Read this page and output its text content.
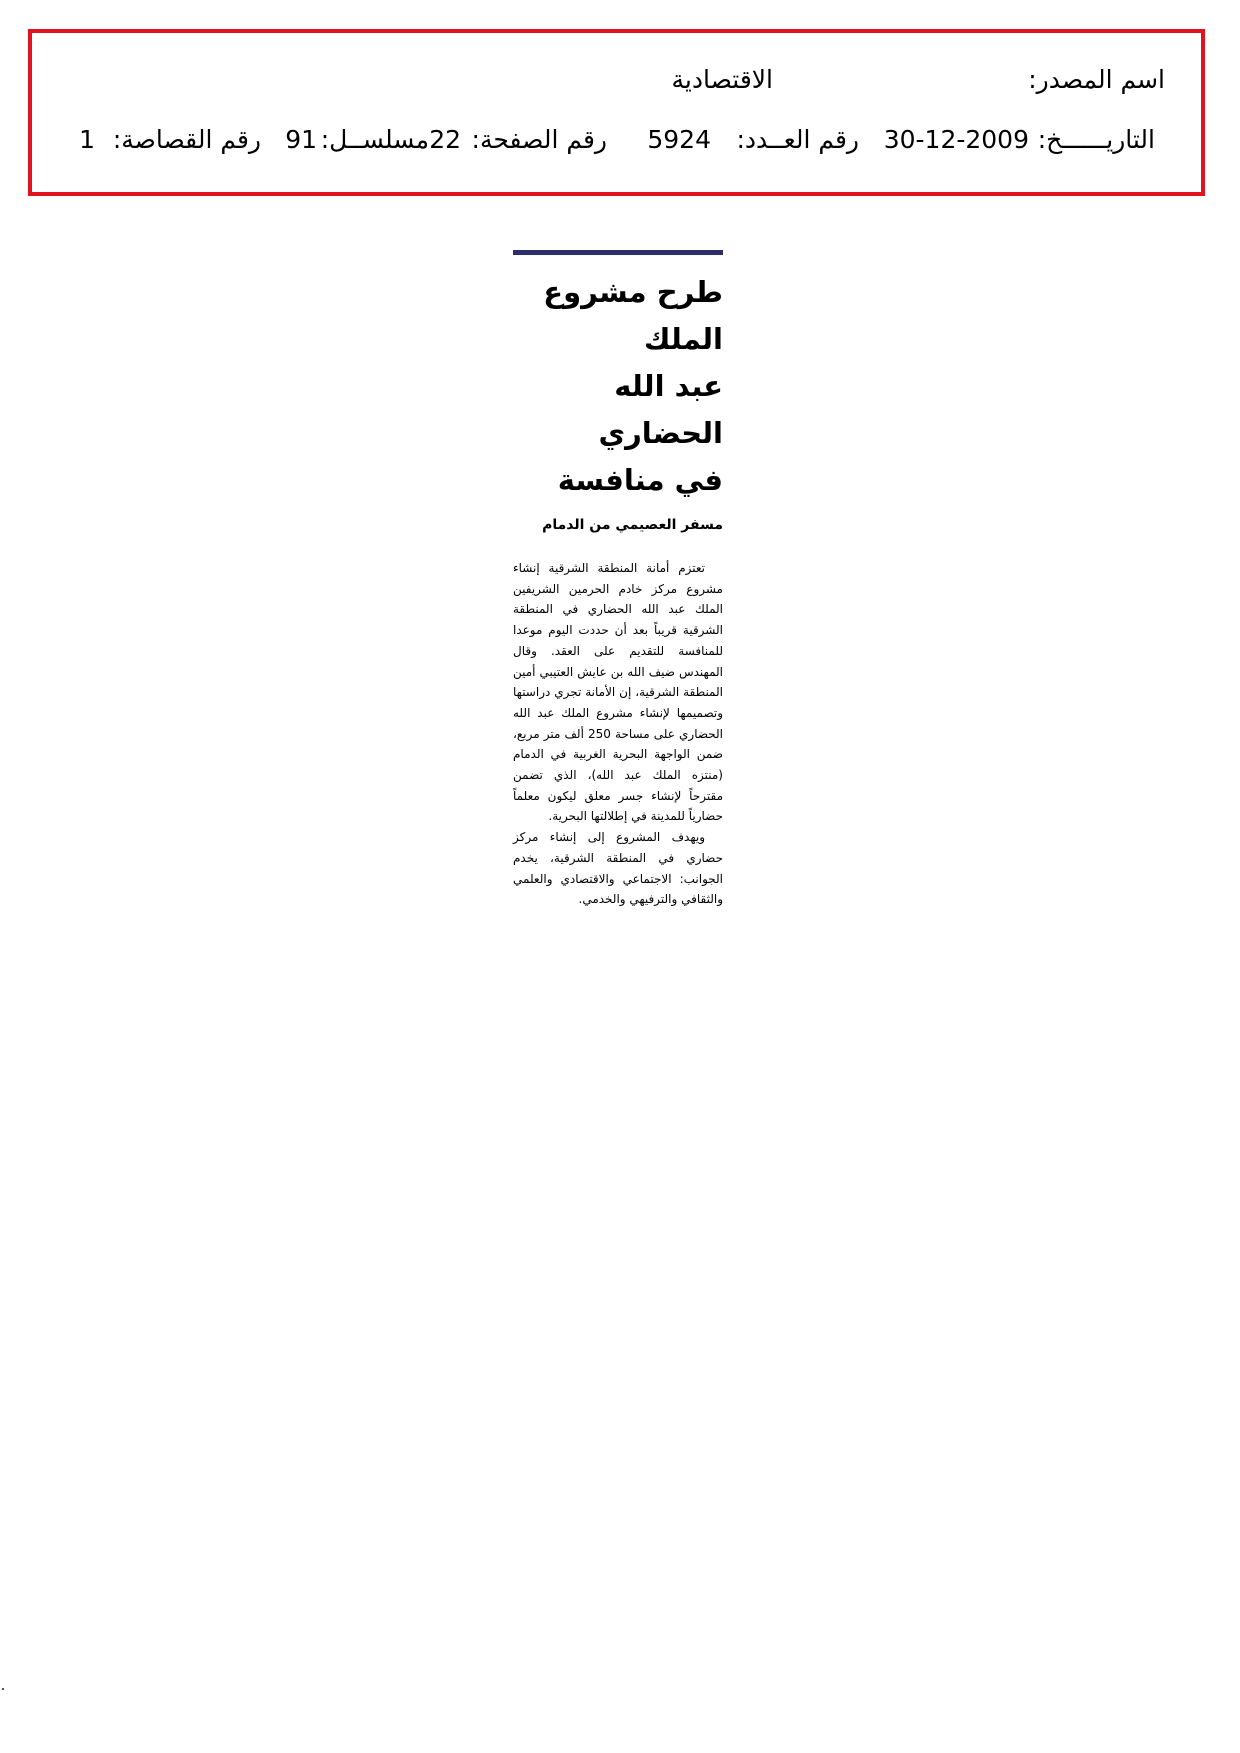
اسم المصدر:
الاقتصادية
التاريــــــخ:
30-12-2009
رقم العــدد:
5924
رقم الصفحة:
22
مسلســل:
91
رقم القصاصة:
1
طرح مشروع الملك
عبد الله الحضاري
في منافسة
مسفر العصيمي من الدمام

تعتزم أمانة المنطقة الشرقية إنشاء مشروع مركز خادم الحرمين الشريفين الملك عبد الله الحضاري في المنطقة الشرقية قريباً بعد أن حددت اليوم موعدا للمنافسة للتقديم على العقد. وقال المهندس ضيف الله بن عايش العتيبي أمين المنطقة الشرقية، إن الأمانة تجري دراستها وتصميمها لإنشاء مشروع الملك عبد الله الحضاري على مساحة 250 ألف متر مربع، ضمن الواجهة البحرية الغربية في الدمام (منتزه الملك عبد الله)، الذي تضمن مقترحاً لإنشاء جسر معلق ليكون معلماً حضارياً للمدينة في إطلالتها البحرية.

ويهدف المشروع إلى إنشاء مركز حضاري في المنطقة الشرقية، يخدم الجوانب: الاجتماعي والاقتصادي والعلمي والثقافي والترفيهي والخدمي.
